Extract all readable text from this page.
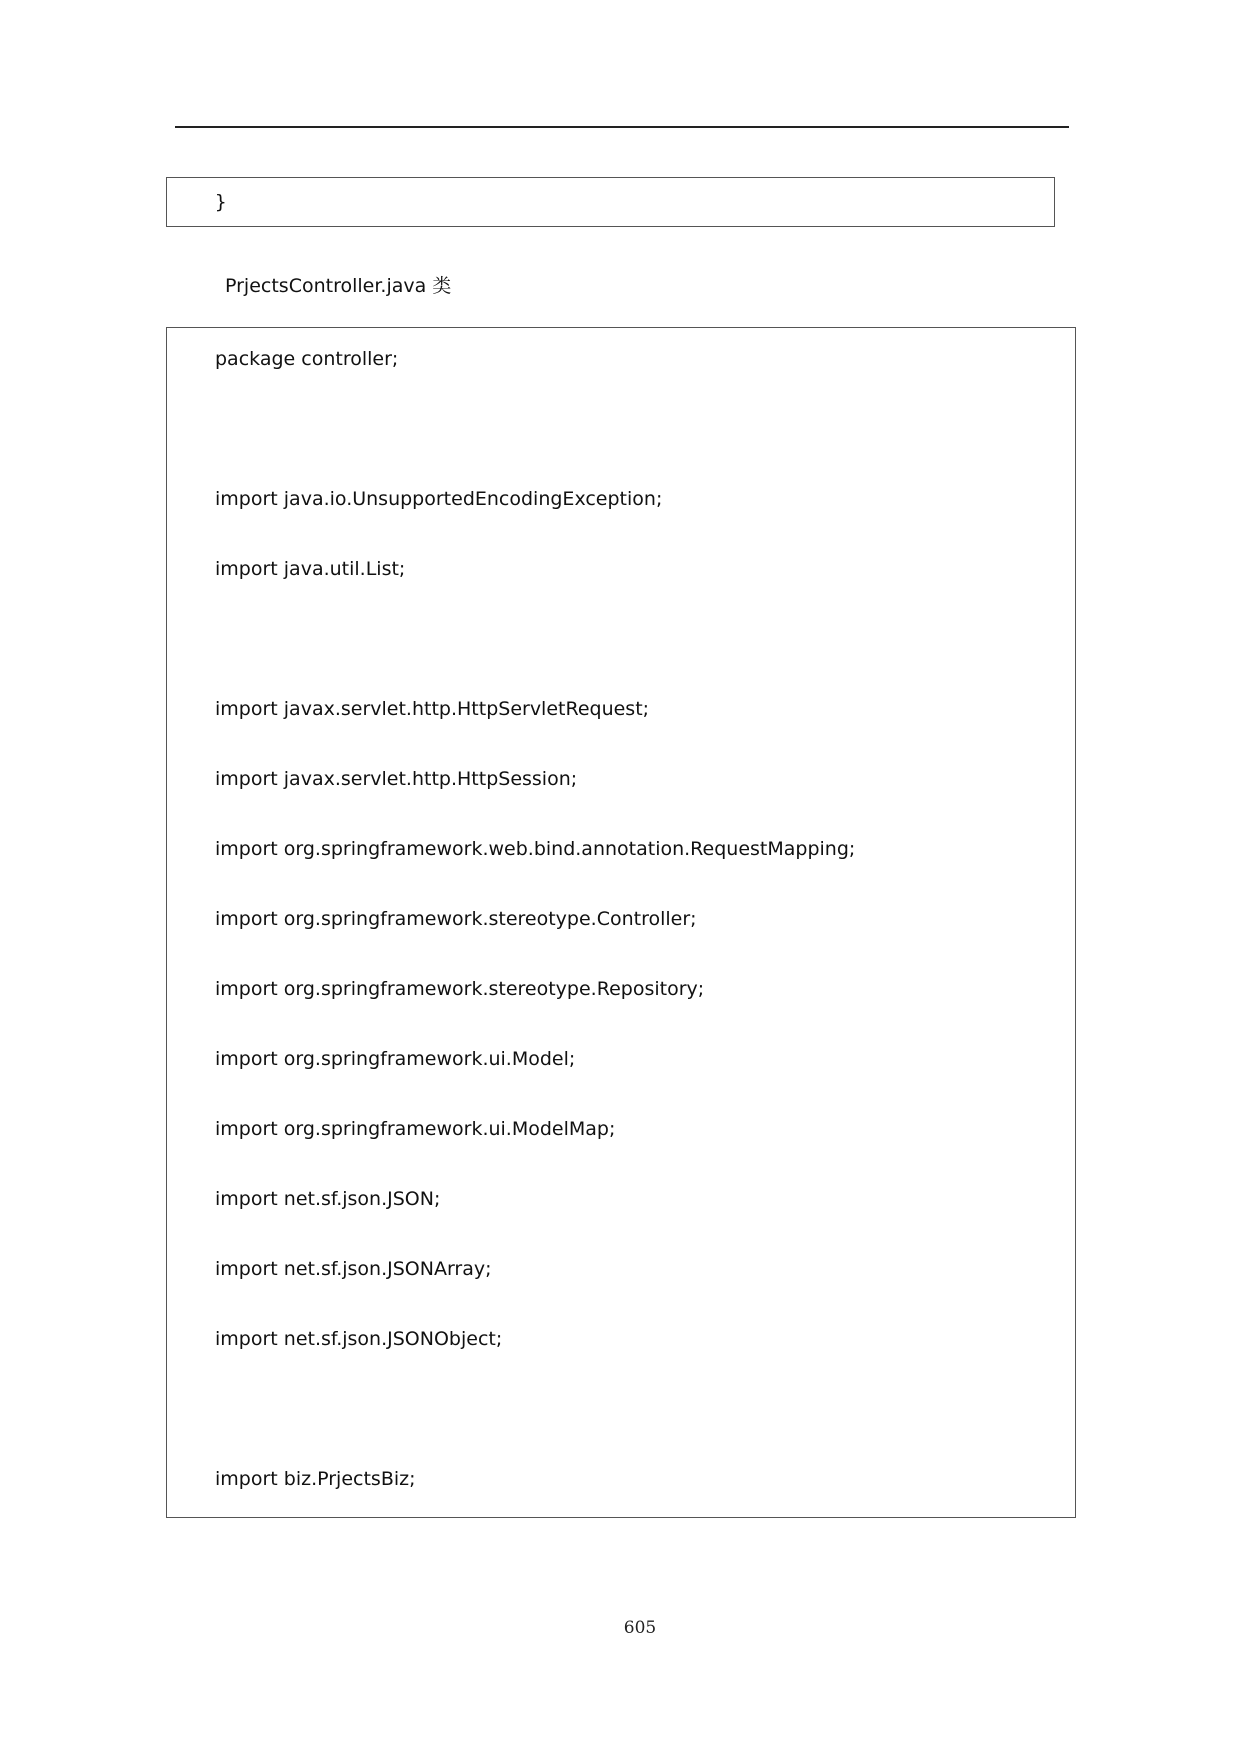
}
PrjectsController.java 类
package controller;
import java.io.UnsupportedEncodingException;
import java.util.List;
import javax.servlet.http.HttpServletRequest;
import javax.servlet.http.HttpSession;
import org.springframework.web.bind.annotation.RequestMapping;
import org.springframework.stereotype.Controller;
import org.springframework.stereotype.Repository;
import org.springframework.ui.Model;
import org.springframework.ui.ModelMap;
import net.sf.json.JSON;
import net.sf.json.JSONArray;
import net.sf.json.JSONObject;
import biz.PrjectsBiz;
605
